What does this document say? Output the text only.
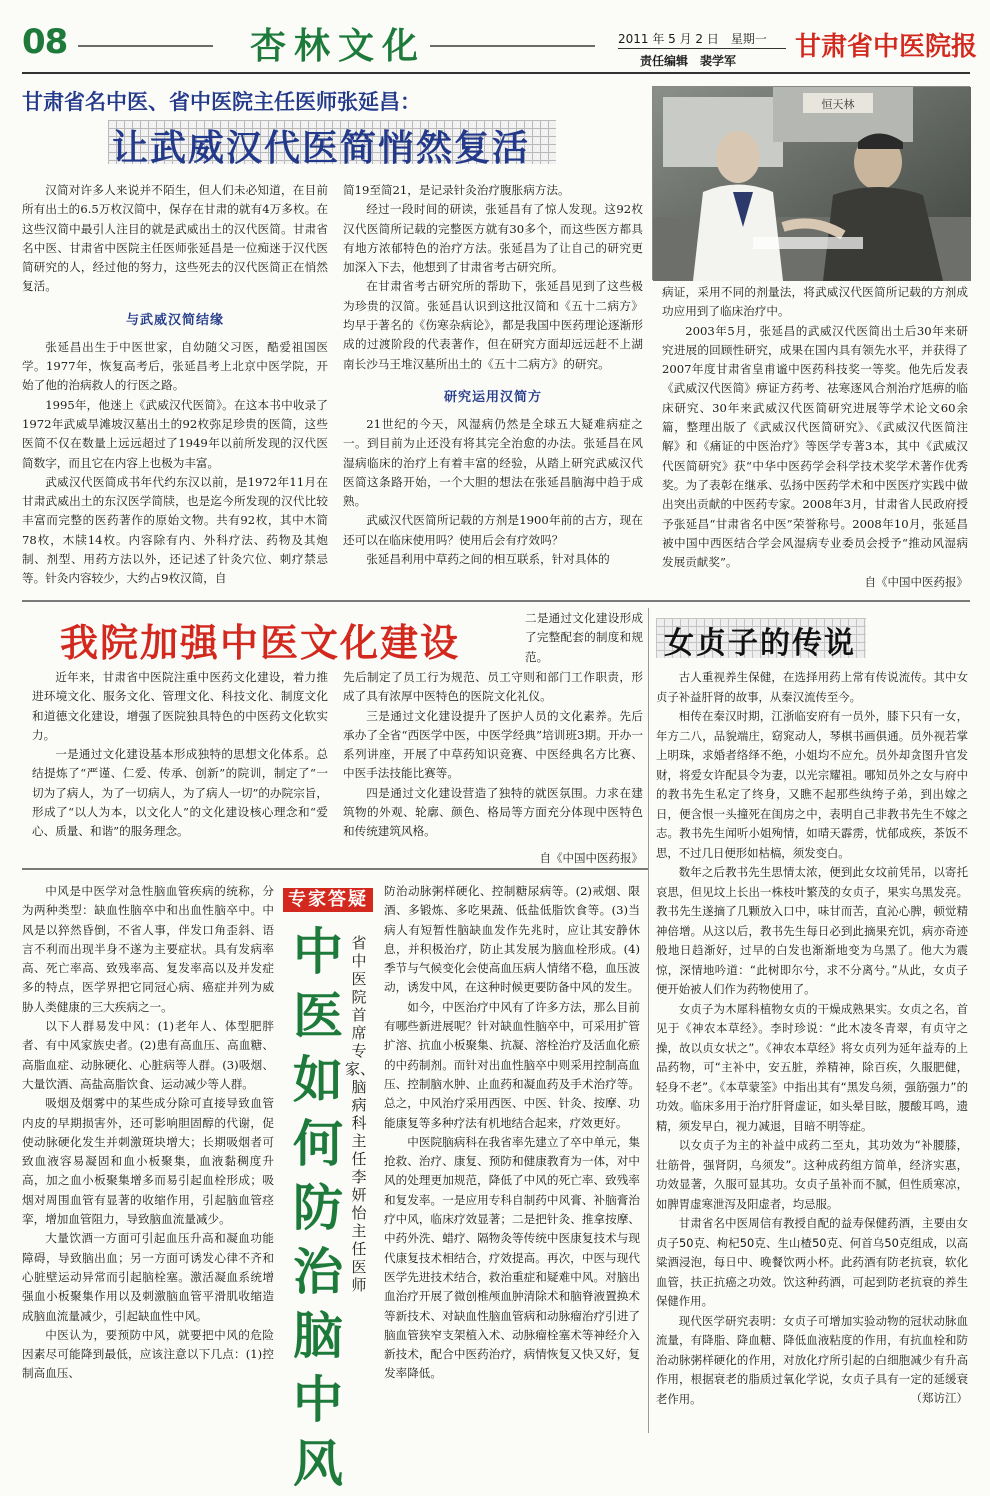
08	杏林文化	2011 年 5 月 2 日　星期一
责任编辑　裴学军 甘肃省中医院报
甘肃省名中医、省中医院主任医师张延昌：
让武威汉代医简悄然复活
恒天林

汉简对许多人来说并不陌生，但人们未必知道，在目前所有出土的6.5万枚汉简中，保存在甘肃的就有4万多枚。在这些汉简中最引人注目的就是武威出土的汉代医简。甘肃省名中医、甘肃省中医院主任医师张延昌是一位痴迷于汉代医简研究的人，经过他的努力，这些死去的汉代医简正在悄然复活。

与武威汉简结缘

张延昌出生于中医世家，自幼随父习医，酷爱祖国医学。1977年，恢复高考后，张延昌考上北京中医学院，开始了他的治病救人的行医之路。

1995年，他迷上《武威汉代医简》。在这本书中收录了1972年武威旱滩坡汉墓出土的92枚弥足珍贵的医简，这些医简不仅在数量上远远超过了1949年以前所发现的汉代医简数字，而且它在内容上也极为丰富。

武威汉代医简成书年代约东汉以前，是1972年11月在甘肃武威出土的东汉医学简牍，也是迄今所发现的汉代比较丰富而完整的医药著作的原始文物。共有92枚，其中木简78枚，木牍14枚。内容除有内、外科疗法、药物及其炮制、剂型、用药方法以外，还记述了针灸穴位、刺疗禁忌等。针灸内容较少，大约占9枚汉简，自

简19至简21，是记录针灸治疗腹胀病方法。

经过一段时间的研读，张延昌有了惊人发现。这92枚汉代医简所记载的完整医方就有30多个，而这些医方都具有地方浓郁特色的治疗方法。张延昌为了让自己的研究更加深入下去，他想到了甘肃省考古研究所。

在甘肃省考古研究所的帮助下，张延昌见到了这些极为珍贵的汉简。张延昌认识到这批汉简和《五十二病方》均早于著名的《伤寒杂病论》，都是我国中医药理论逐渐形成的过渡阶段的代表著作，但在研究方面却远远赶不上湖南长沙马王堆汉墓所出土的《五十二病方》的研究。

研究运用汉简方

21世纪的今天，风湿病仍然是全球五大疑难病症之一。到目前为止还没有将其完全治愈的办法。张延昌在风湿病临床的治疗上有着丰富的经验，从踏上研究武威汉代医简这条路开始，一个大胆的想法在张延昌脑海中趋于成熟。

武威汉代医简所记载的方剂是1900年前的古方，现在还可以在临床使用吗？使用后会有疗效吗？

张延昌利用中草药之间的相互联系，针对具体的

病证，采用不同的剂量法，将武威汉代医简所记载的方剂成功应用到了临床治疗中。

2003年5月，张延昌的武威汉代医简出土后30年来研究进展的回顾性研究，成果在国内具有领先水平，并获得了2007年度甘肃省皇甫谧中医药科技奖一等奖。他先后发表《武威汉代医简》痹证方药考、祛寒逐风合剂治疗尪痹的临床研究、30年来武威汉代医简研究进展等学术论文60余篇，整理出版了《武威汉代医简研究》、《武威汉代医简注解》和《痛证的中医治疗》等医学专著3本，其中《武威汉代医简研究》获“中华中医药学会科学技术奖学术著作优秀奖。为了表彰在继承、弘扬中医药学术和中医医疗实践中做出突出贡献的中医药专家。2008年3月，甘肃省人民政府授予张延昌“甘肃省名中医”荣誉称号。2008年10月，张延昌被中国中西医结合学会风湿病专业委员会授予“推动风湿病发展贡献奖”。

自《中国中医药报》
我院加强中医文化建设
二是通过文化建设形成了完整配套的制度和规范。

近年来，甘肃省中医院注重中医药文化建设，着力推进环境文化、服务文化、管理文化、科技文化、制度文化和道德文化建设，增强了医院独具特色的中医药文化软实力。

一是通过文化建设基本形成独特的思想文化体系。总结提炼了“严谨、仁爱、传承、创新”的院训，制定了“一切为了病人，为了一切病人，为了病人一切”的办院宗旨，形成了“以人为本，以文化人”的文化建设核心理念和“爱心、质量、和谐”的服务理念。

先后制定了员工行为规范、员工守则和部门工作职责，形成了具有浓厚中医特色的医院文化礼仪。

三是通过文化建设提升了医护人员的文化素养。先后承办了全省“西医学中医，中医学经典”培训班3期。开办一系列讲座，开展了中草药知识竞赛、中医经典名方比赛、中医手法技能比赛等。

四是通过文化建设营造了独特的就医氛围。力求在建筑物的外观、轮廓、颜色、格局等方面充分体现中医特色和传统建筑风格。

自《中国中医药报》
女贞子的传说

古人重视养生保健，在选择用药上常有传说流传。其中女贞子补益肝肾的故事，从秦汉流传至今。

相传在秦汉时期，江浙临安府有一员外，膝下只有一女，年方二八，品貌端庄，窈窕动人，琴棋书画俱通。员外视若掌上明珠，求婚者络绎不绝，小姐均不应允。员外却贪图升官发财，将爱女许配县令为妻，以光宗耀祖。哪知员外之女与府中的教书先生私定了终身，又瞧不起那些纨绔子弟，到出嫁之日，便含恨一头撞死在闺房之中，表明自己非教书先生不嫁之志。教书先生闻听小姐殉情，如晴天霹雳，忧郁成疾，茶饭不思，不过几日便形如枯槁，须发变白。

数年之后教书先生思情太浓，便到此女坟前凭吊，以寄托哀思，但见坟上长出一株枝叶繁茂的女贞子，果实乌黑发亮。教书先生遂摘了几颗放入口中，味甘而苦，直沁心脾，顿觉精神倍增。从这以后，教书先生每日必到此摘果充饥，病亦奇迹般地日趋渐好，过早的白发也渐渐地变为乌黑了。他大为震惊，深情地吟道：“此树即尔兮，求不分离兮。”从此，女贞子便开始被人们作为药物使用了。

女贞子为木犀科植物女贞的干燥成熟果实。女贞之名，首见于《神农本草经》。李时珍说：“此木凌冬青翠，有贞守之操，故以贞女状之”。《神农本草经》将女贞列为延年益寿的上品药物，可“主补中，安五脏，养精神，除百疾，久服肥健，轻身不老”。《本草蒙筌》中指出其有“黑发乌须，强筋强力”的功效。临床多用于治疗肝肾虚证，如头晕目眩，腰酸耳鸣，遗精，须发早白，视力减退，目暗不明等症。

以女贞子为主的补益中成药二至丸，其功效为“补腰膝，壮筋骨，强肾阴，乌须发”。这种成药组方简单，经济实惠，功效显著，久服可显其功。女贞子虽补而不腻，但性质寒凉，如脾胃虚寒泄泻及阳虚者，均忌服。

甘肃省名中医周信有教授自配的益寿保健药酒，主要由女贞子50克、枸杞50克、生山楂50克、何首乌50克组成，以高粱酒浸泡，每日中、晚餐饮两小杯。此药酒有防老抗衰，软化血管，扶正抗癌之功效。饮这种药酒，可起到防老抗衰的养生保健作用。

现代医学研究表明：女贞子可增加实验动物的冠状动脉血流量，有降脂、降血糖、降低血液粘度的作用，有抗血栓和防治动脉粥样硬化的作用，对放化疗所引起的白细胞减少有升高作用，根据衰老的脂质过氧化学说，女贞子具有一定的延缓衰老作用。	（郑访江）
专家答疑
中医如何防治脑中风
省中医院首席专家、脑病科主任　李妍怡主任医师

中风是中医学对急性脑血管疾病的统称，分为两种类型：缺血性脑卒中和出血性脑卒中。中风是以猝然昏倒，不省人事，伴发口角歪斜、语言不利而出现半身不遂为主要症状。具有发病率高、死亡率高、致残率高、复发率高以及并发症多的特点，医学界把它同冠心病、癌症并列为威胁人类健康的三大疾病之一。

以下人群易发中风：(1)老年人、体型肥胖者、有中风家族史者。(2)患有高血压、高血糖、高脂血症、动脉硬化、心脏病等人群。(3)吸烟、大量饮酒、高盐高脂饮食、运动减少等人群。

吸烟及烟雾中的某些成分除可直接导致血管内皮的早期损害外，还可影响胆固醇的代谢，促使动脉硬化发生并刺激斑块增大；长期吸烟者可致血液容易凝固和血小板聚集，血液黏稠度升高，加之血小板聚集增多而易引起血栓形成；吸烟对周围血管有显著的收缩作用，引起脑血管痉挛，增加血管阻力，导致脑血流量减少。

大量饮酒一方面可引起血压升高和凝血功能障碍，导致脑出血；另一方面可诱发心律不齐和心脏壁运动异常而引起脑栓塞。激活凝血系统增强血小板聚集作用以及刺激脑血管平滑肌收缩造成脑血流量减少，引起缺血性中风。

中医认为，要预防中风，就要把中风的危险因素尽可能降到最低，应该注意以下几点：(1)控制高血压、

防治动脉粥样硬化、控制糖尿病等。(2)戒烟、限酒、多锻炼、多吃果蔬、低盐低脂饮食等。(3)当病人有短暂性脑缺血发作先兆时，应让其安静休息，并积极治疗，防止其发展为脑血栓形成。(4)季节与气候变化会使高血压病人情绪不稳，血压波动，诱发中风，在这种时候更要防备中风的发生。

如今，中医治疗中风有了许多方法，那么目前有哪些新进展呢？针对缺血性脑卒中，可采用扩管扩溶、抗血小板聚集、抗凝、溶栓治疗及活血化瘀的中药制剂。而针对出血性脑卒中则采用控制高血压、控制脑水肿、止血药和凝血药及手术治疗等。总之，中风治疗采用西医、中医、针灸、按摩、功能康复等多种疗法有机地结合起来，疗效更好。

中医院脑病科在我省率先建立了卒中单元，集抢救、治疗、康复、预防和健康教育为一体，对中风的处理更加规范，降低了中风的死亡率、致残率和复发率。一是应用专科自制药中风膏、补脑膏治疗中风，临床疗效显著；二是把针灸、推拿按摩、中药外洗、蜡疗、隔物灸等传统中医康复技术与现代康复技术相结合，疗效提高。再次，中医与现代医学先进技术结合，救治重症和疑难中风。对脑出血治疗开展了微创椎颅血肿清除术和脑脊液置换术等新技术、对缺血性脑血管病和动脉瘤治疗引进了脑血管狭窄支架植入术、动脉瘤栓塞术等神经介入新技术，配合中医药治疗，病情恢复又快又好，复发率降低。
